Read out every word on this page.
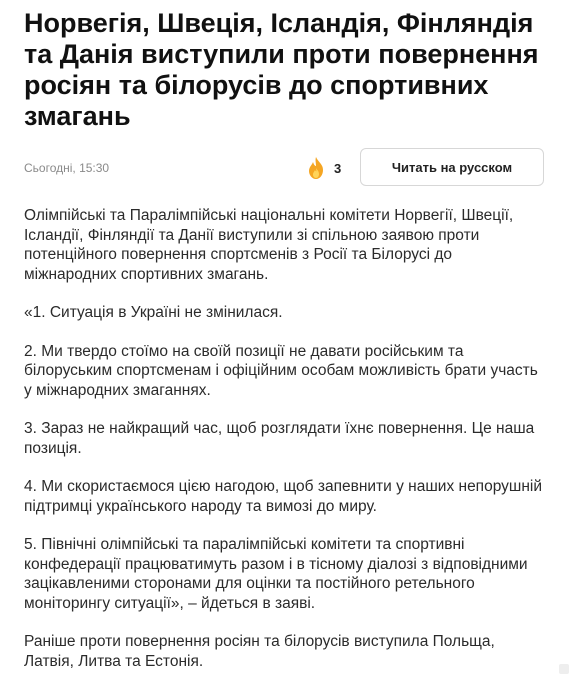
Норвегія, Швеція, Ісландія, Фінляндія та Данія виступили проти повернення росіян та білорусів до спортивних змагань
Сьогодні, 15:30	3	Читать на русском

Олімпійські та Паралімпійські національні комітети Норвегії, Швеції, Ісландії, Фінляндії та Данії виступили зі спільною заявою проти потенційного повернення спортсменів з Росії та Білорусі до міжнародних спортивних змагань.

«1. Ситуація в Україні не змінилася.

2. Ми твердо стоїмо на своїй позиції не давати російським та білоруським спортсменам і офіційним особам можливість брати участь у міжнародних змаганнях.

3. Зараз не найкращий час, щоб розглядати їхнє повернення. Це наша позиція.

4. Ми скористаємося цією нагодою, щоб запевнити у наших непорушній підтримці українського народу та вимозі до миру.

5. Північні олімпійські та паралімпійські комітети та спортивні конфедерації працюватимуть разом і в тісному діалозі з відповідними зацікавленими сторонами для оцінки та постійного ретельного моніторингу ситуації», – йдеться в заяві.

Раніше проти повернення росіян та білорусів виступила Польща, Латвія, Литва та Естонія.
